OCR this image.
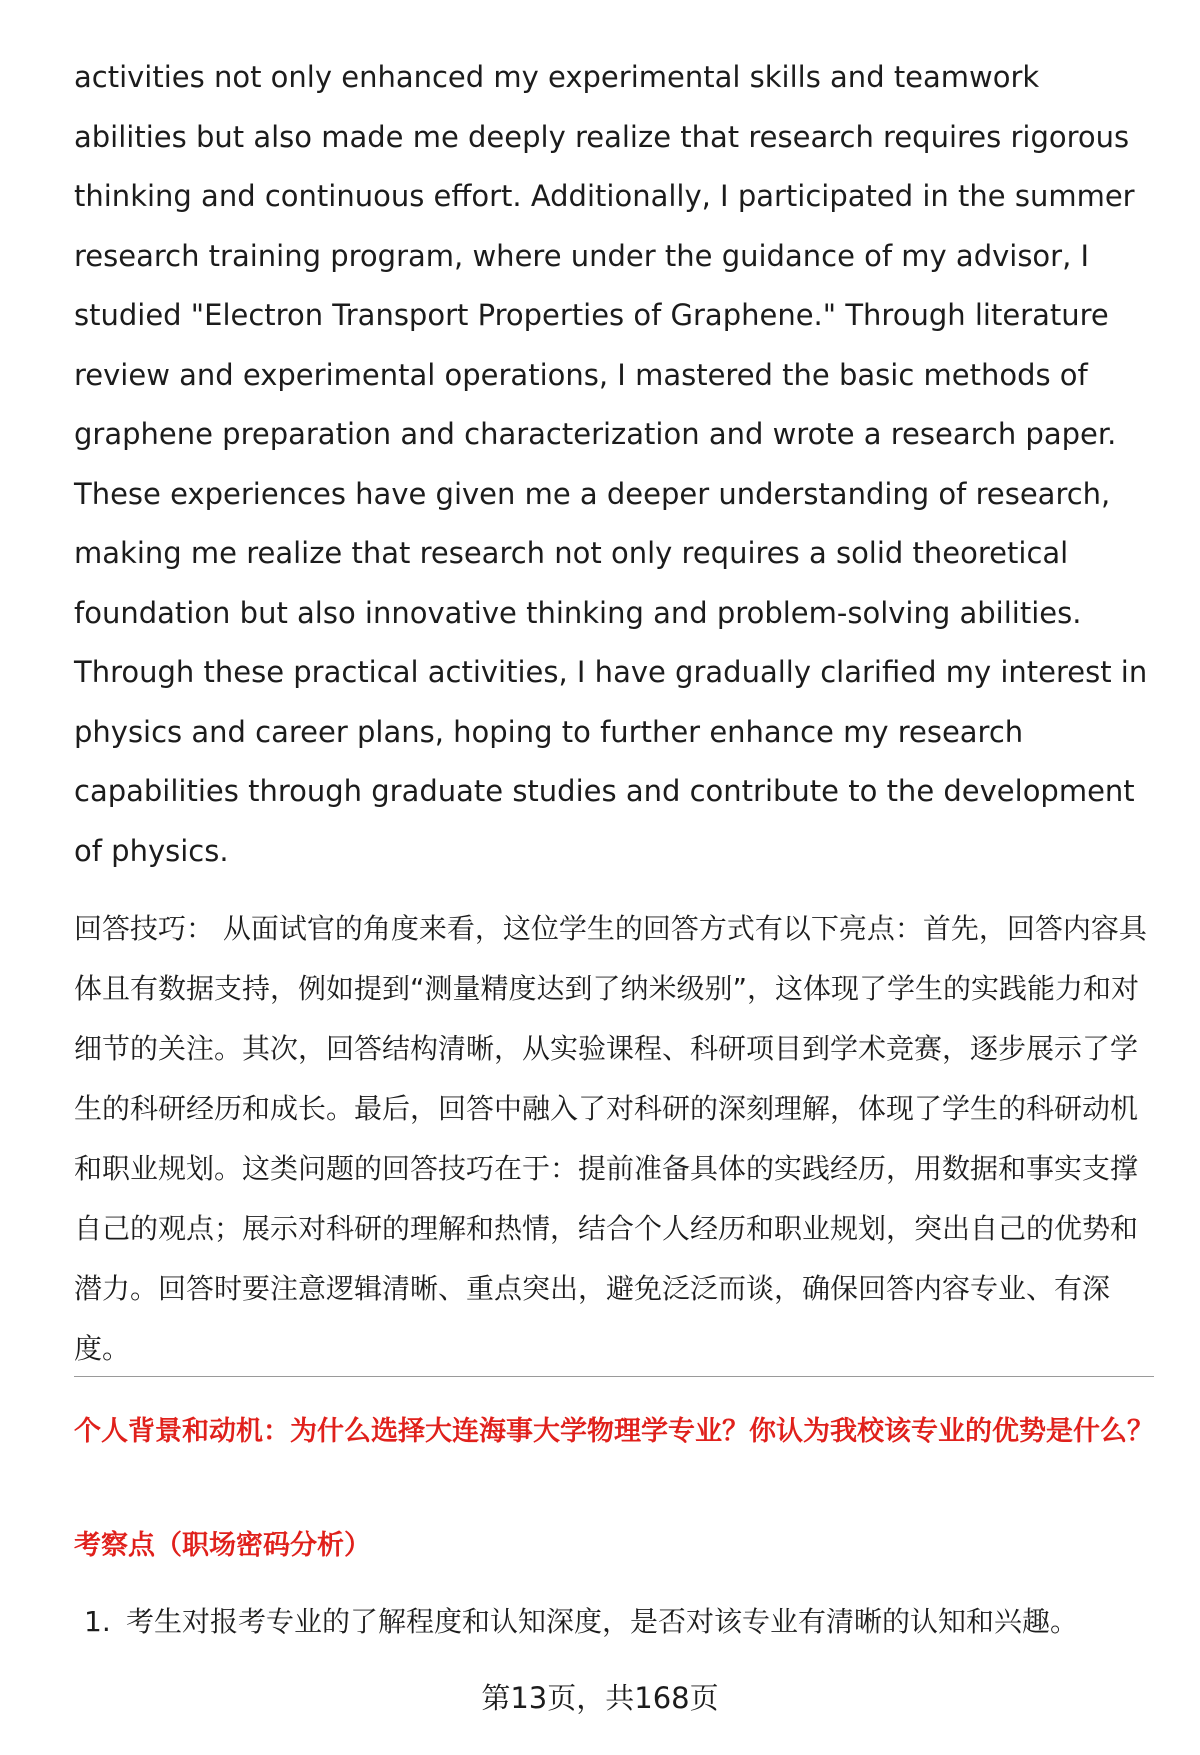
activities not only enhanced my experimental skills and teamwork abilities but also made me deeply realize that research requires rigorous thinking and continuous effort. Additionally, I participated in the summer research training program, where under the guidance of my advisor, I studied "Electron Transport Properties of Graphene." Through literature review and experimental operations, I mastered the basic methods of graphene preparation and characterization and wrote a research paper. These experiences have given me a deeper understanding of research, making me realize that research not only requires a solid theoretical foundation but also innovative thinking and problem-solving abilities. Through these practical activities, I have gradually clarified my interest in physics and career plans, hoping to further enhance my research capabilities through graduate studies and contribute to the development of physics.

回答技巧： 从面试官的角度来看，这位学生的回答方式有以下亮点：首先，回答内容具体且有数据支持，例如提到“测量精度达到了纳米级别”，这体现了学生的实践能力和对细节的关注。其次，回答结构清晰，从实验课程、科研项目到学术竞赛，逐步展示了学生的科研经历和成长。最后，回答中融入了对科研的深刻理解，体现了学生的科研动机和职业规划。这类问题的回答技巧在于：提前准备具体的实践经历，用数据和事实支撑自己的观点；展示对科研的理解和热情，结合个人经历和职业规划，突出自己的优势和潜力。回答时要注意逻辑清晰、重点突出，避免泛泛而谈，确保回答内容专业、有深度。

个人背景和动机：为什么选择大连海事大学物理学专业？你认为我校该专业的优势是什么？
考察点（职场密码分析）
1. 考生对报考专业的了解程度和认知深度，是否对该专业有清晰的认知和兴趣。
第13页，共168页
